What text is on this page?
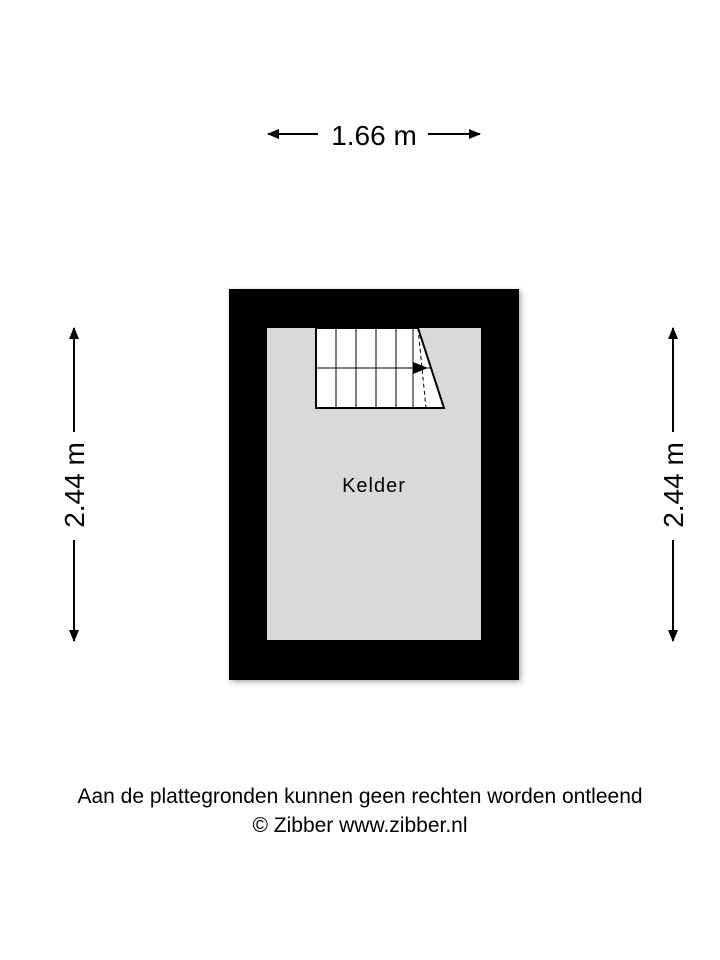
1.66 m
2.44 m	2.44 m
Kelder
Aan de plattegronden kunnen geen rechten worden ontleend
© Zibber www.zibber.nl
